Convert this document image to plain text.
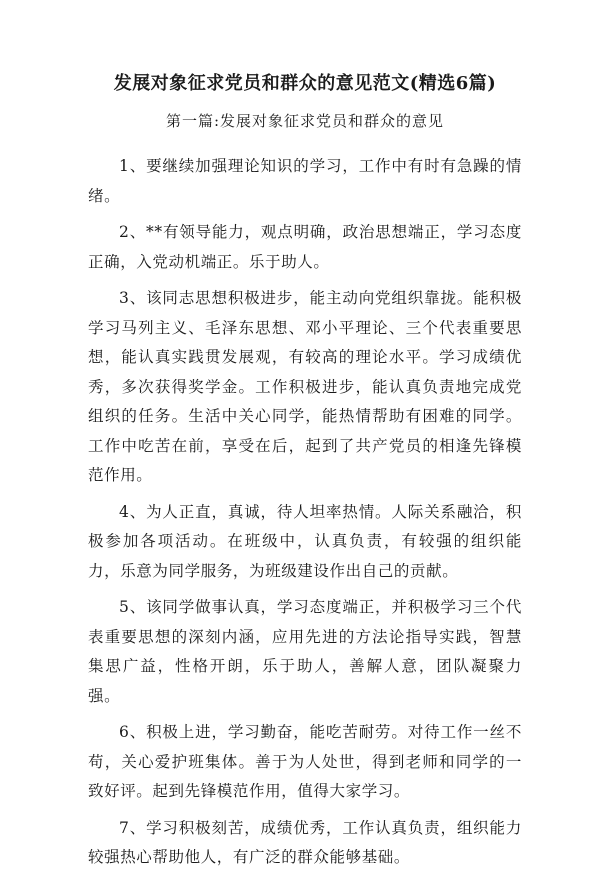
发展对象征求党员和群众的意见范文(精选6篇)
第一篇:发展对象征求党员和群众的意见

1、要继续加强理论知识的学习，工作中有时有急躁的情绪。

2、**有领导能力，观点明确，政治思想端正，学习态度正确，入党动机端正。乐于助人。

3、该同志思想积极进步，能主动向党组织靠拢。能积极学习马列主义、毛泽东思想、邓小平理论、三个代表重要思想，能认真实践贯发展观，有较高的理论水平。学习成绩优秀，多次获得奖学金。工作积极进步，能认真负责地完成党组织的任务。生活中关心同学，能热情帮助有困难的同学。工作中吃苦在前，享受在后，起到了共产党员的相逢先锋模范作用。

4、为人正直，真诚，待人坦率热情。人际关系融洽，积极参加各项活动。在班级中，认真负责，有较强的组织能力，乐意为同学服务，为班级建设作出自己的贡献。

5、该同学做事认真，学习态度端正，并积极学习三个代表重要思想的深刻内涵，应用先进的方法论指导实践，智慧集思广益，性格开朗，乐于助人，善解人意，团队凝聚力强。

6、积极上进，学习勤奋，能吃苦耐劳。对待工作一丝不苟，关心爱护班集体。善于为人处世，得到老师和同学的一致好评。起到先锋模范作用，值得大家学习。

7、学习积极刻苦，成绩优秀，工作认真负责，组织能力较强热心帮助他人，有广泛的群众能够基础。
